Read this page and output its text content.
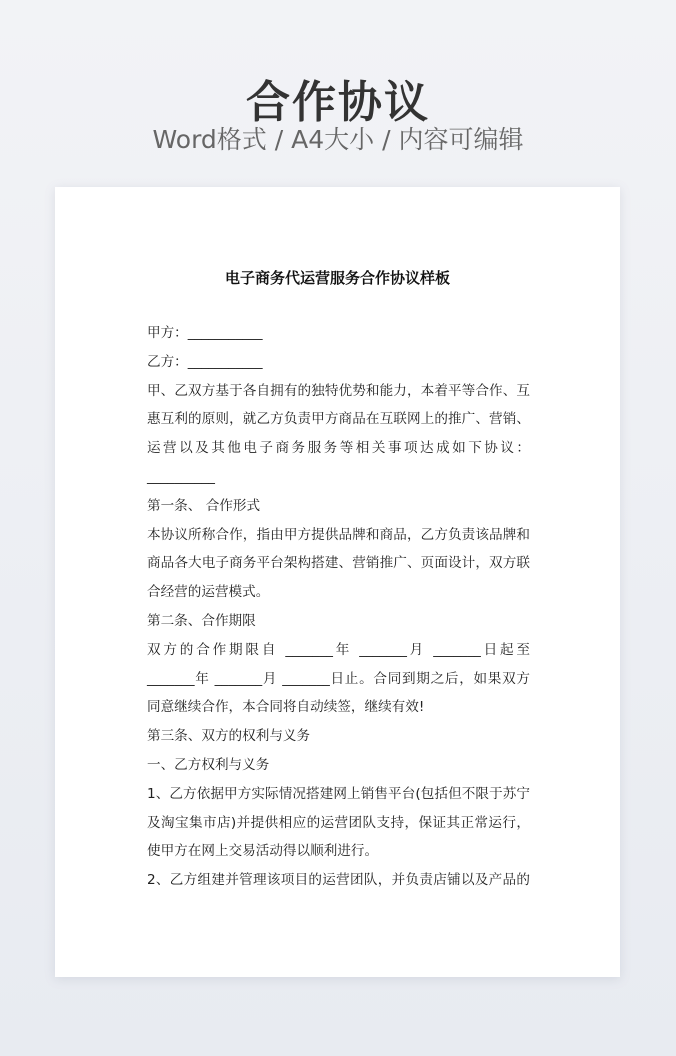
合作协议
Word格式 / A4大小 / 内容可编辑
电子商务代运营服务合作协议样板
甲方：___________
乙方：___________
甲、乙双方基于各自拥有的独特优势和能力，本着平等合作、互
惠互利的原则，就乙方负责甲方商品在互联网上的推广、营销、
运营以及其他电子商务服务等相关事项达成如下协议：
__________
第一条、 合作形式
本协议所称合作，指由甲方提供品牌和商品，乙方负责该品牌和
商品各大电子商务平台架构搭建、营销推广、页面设计，双方联
合经营的运营模式。
第二条、合作期限
双方的合作期限自 _______年 _______月 _______日起至
_______年 _______月 _______日止。合同到期之后，如果双方
同意继续合作，本合同将自动续签，继续有效!
第三条、双方的权利与义务
一、乙方权利与义务
1、乙方依据甲方实际情况搭建网上销售平台(包括但不限于苏宁
及淘宝集市店)并提供相应的运营团队支持，保证其正常运行，
使甲方在网上交易活动得以顺利进行。
2、乙方组建并管理该项目的运营团队，并负责店铺以及产品的
